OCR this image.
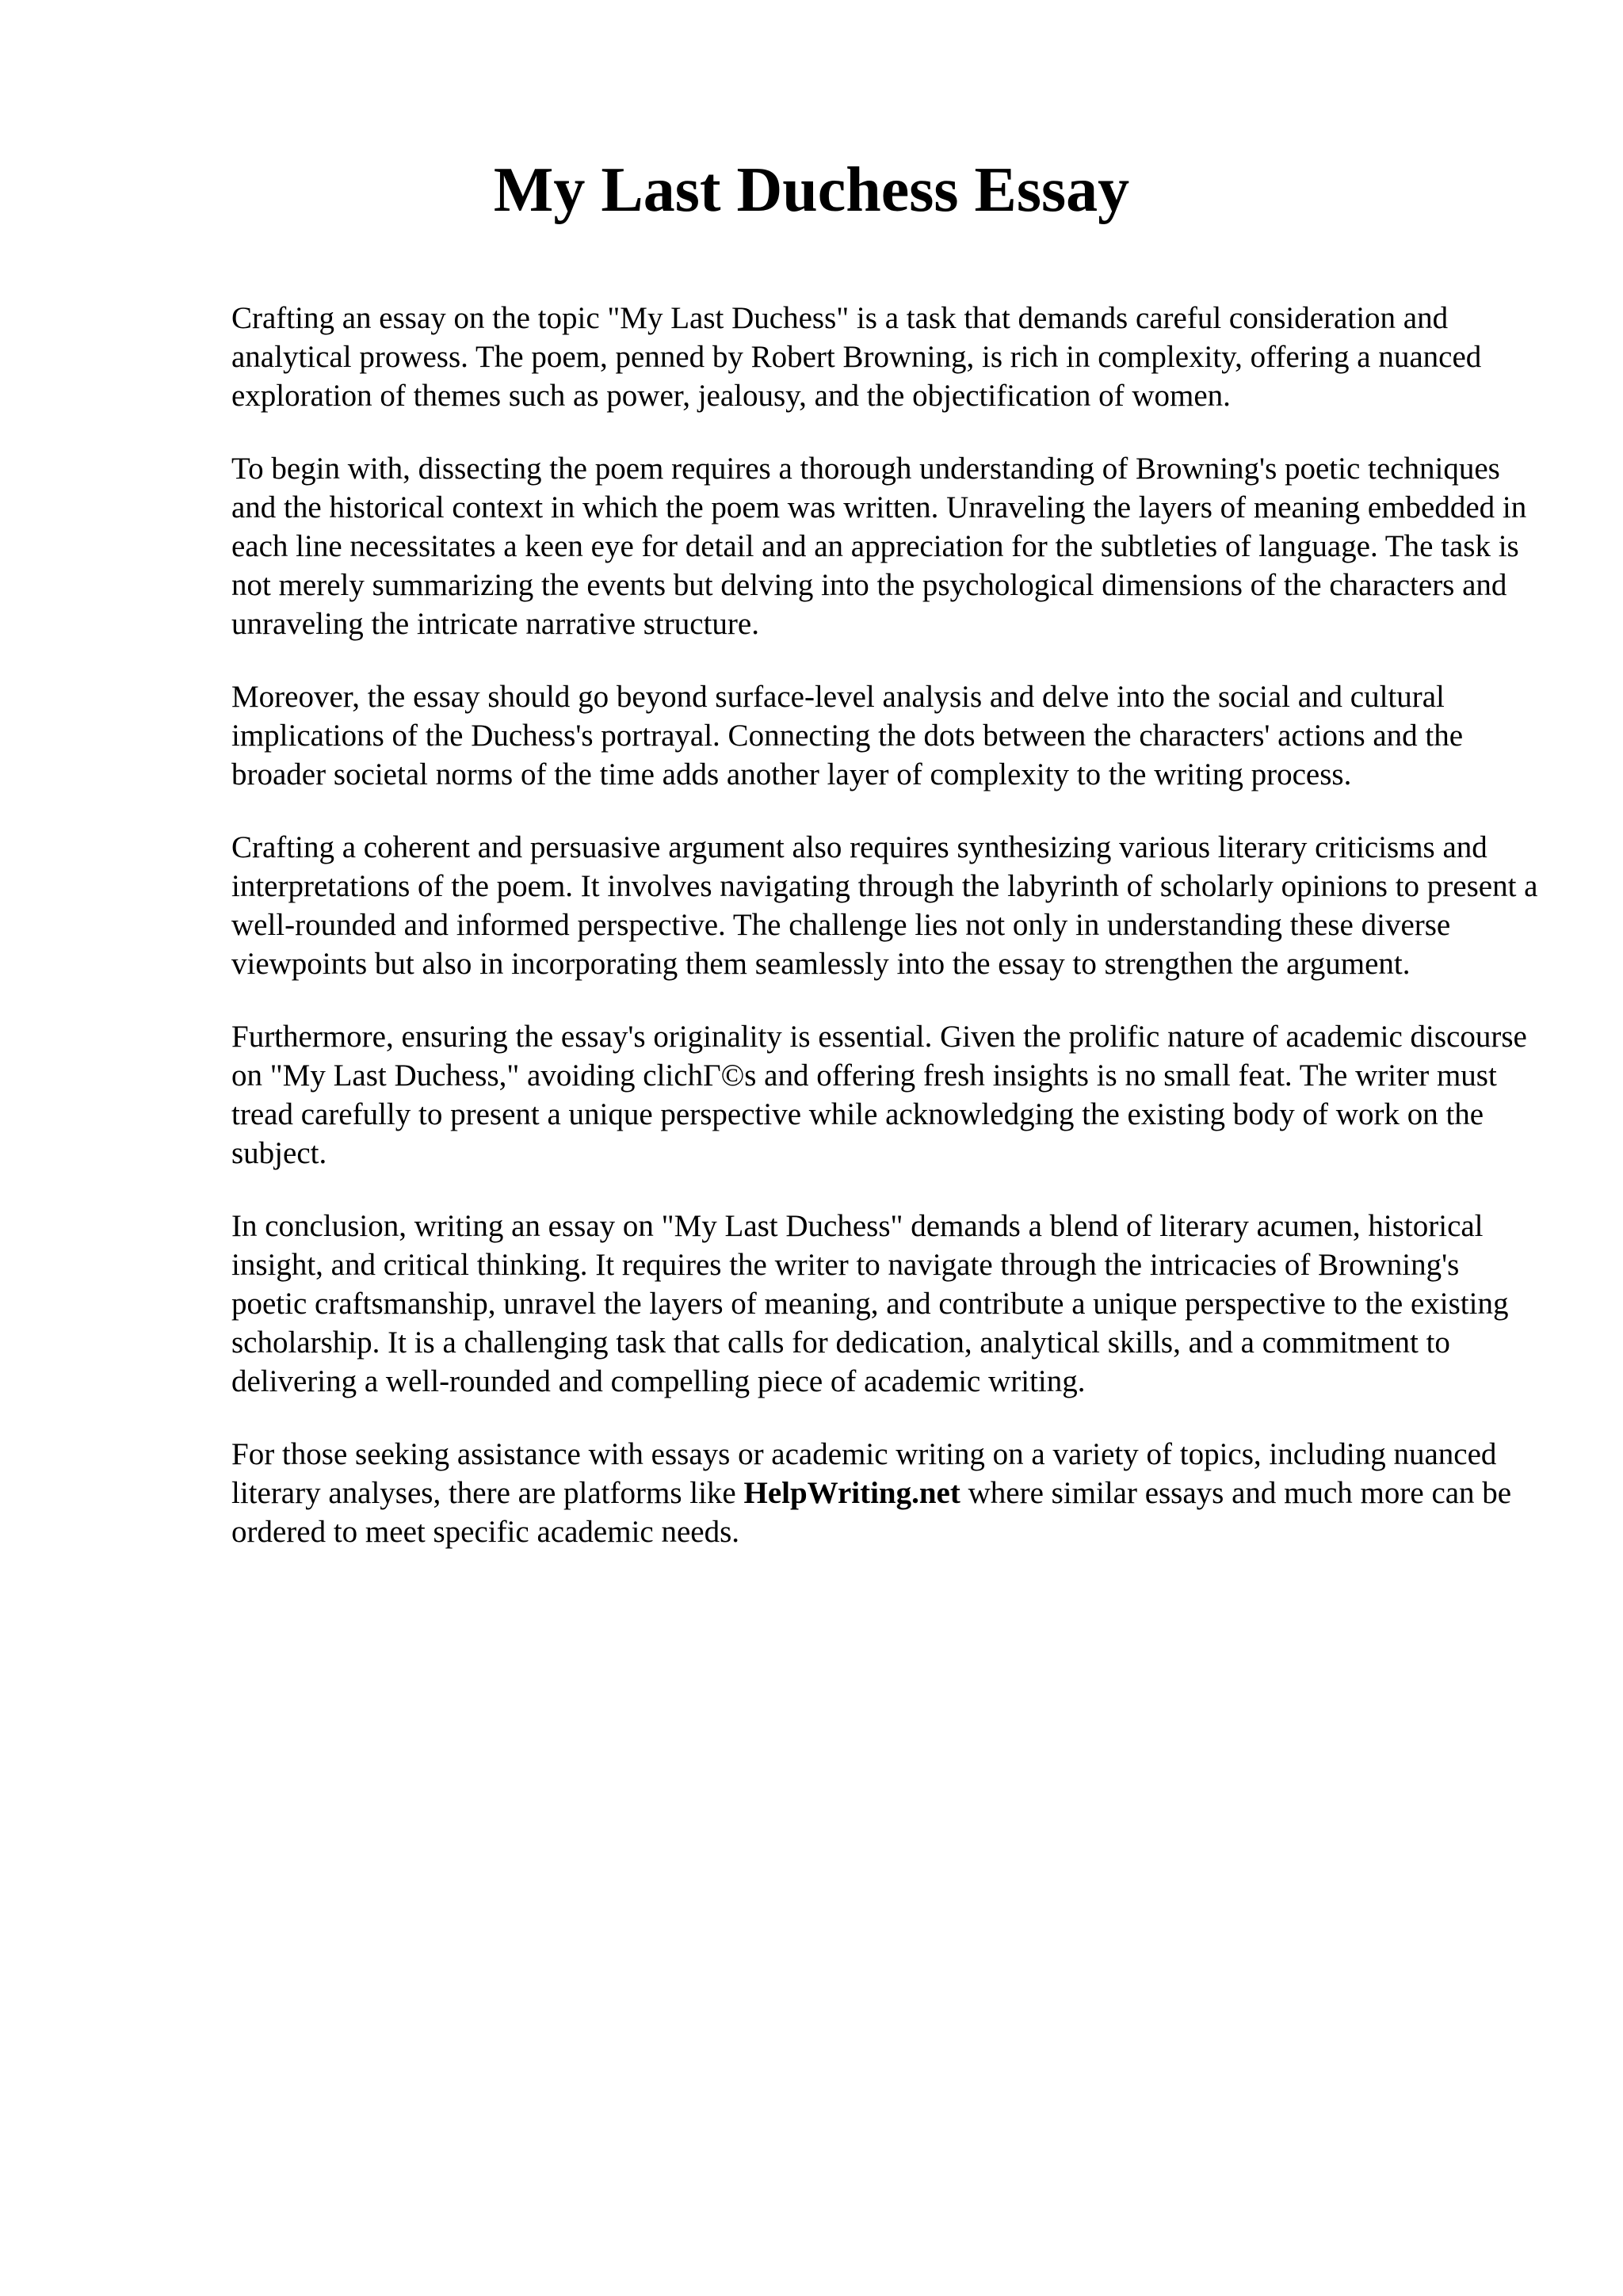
My Last Duchess Essay

Crafting an essay on the topic "My Last Duchess" is a task that demands careful consideration and analytical prowess. The poem, penned by Robert Browning, is rich in complexity, offering a nuanced exploration of themes such as power, jealousy, and the objectification of women.

To begin with, dissecting the poem requires a thorough understanding of Browning's poetic techniques and the historical context in which the poem was written. Unraveling the layers of meaning embedded in each line necessitates a keen eye for detail and an appreciation for the subtleties of language. The task is not merely summarizing the events but delving into the psychological dimensions of the characters and unraveling the intricate narrative structure.

Moreover, the essay should go beyond surface-level analysis and delve into the social and cultural implications of the Duchess's portrayal. Connecting the dots between the characters' actions and the broader societal norms of the time adds another layer of complexity to the writing process.

Crafting a coherent and persuasive argument also requires synthesizing various literary criticisms and interpretations of the poem. It involves navigating through the labyrinth of scholarly opinions to present a well-rounded and informed perspective. The challenge lies not only in understanding these diverse viewpoints but also in incorporating them seamlessly into the essay to strengthen the argument.

Furthermore, ensuring the essay's originality is essential. Given the prolific nature of academic discourse on "My Last Duchess," avoiding clichГ©s and offering fresh insights is no small feat. The writer must tread carefully to present a unique perspective while acknowledging the existing body of work on the subject.

In conclusion, writing an essay on "My Last Duchess" demands a blend of literary acumen, historical insight, and critical thinking. It requires the writer to navigate through the intricacies of Browning's poetic craftsmanship, unravel the layers of meaning, and contribute a unique perspective to the existing scholarship. It is a challenging task that calls for dedication, analytical skills, and a commitment to delivering a well-rounded and compelling piece of academic writing.

For those seeking assistance with essays or academic writing on a variety of topics, including nuanced literary analyses, there are platforms like HelpWriting.net where similar essays and much more can be ordered to meet specific academic needs.
